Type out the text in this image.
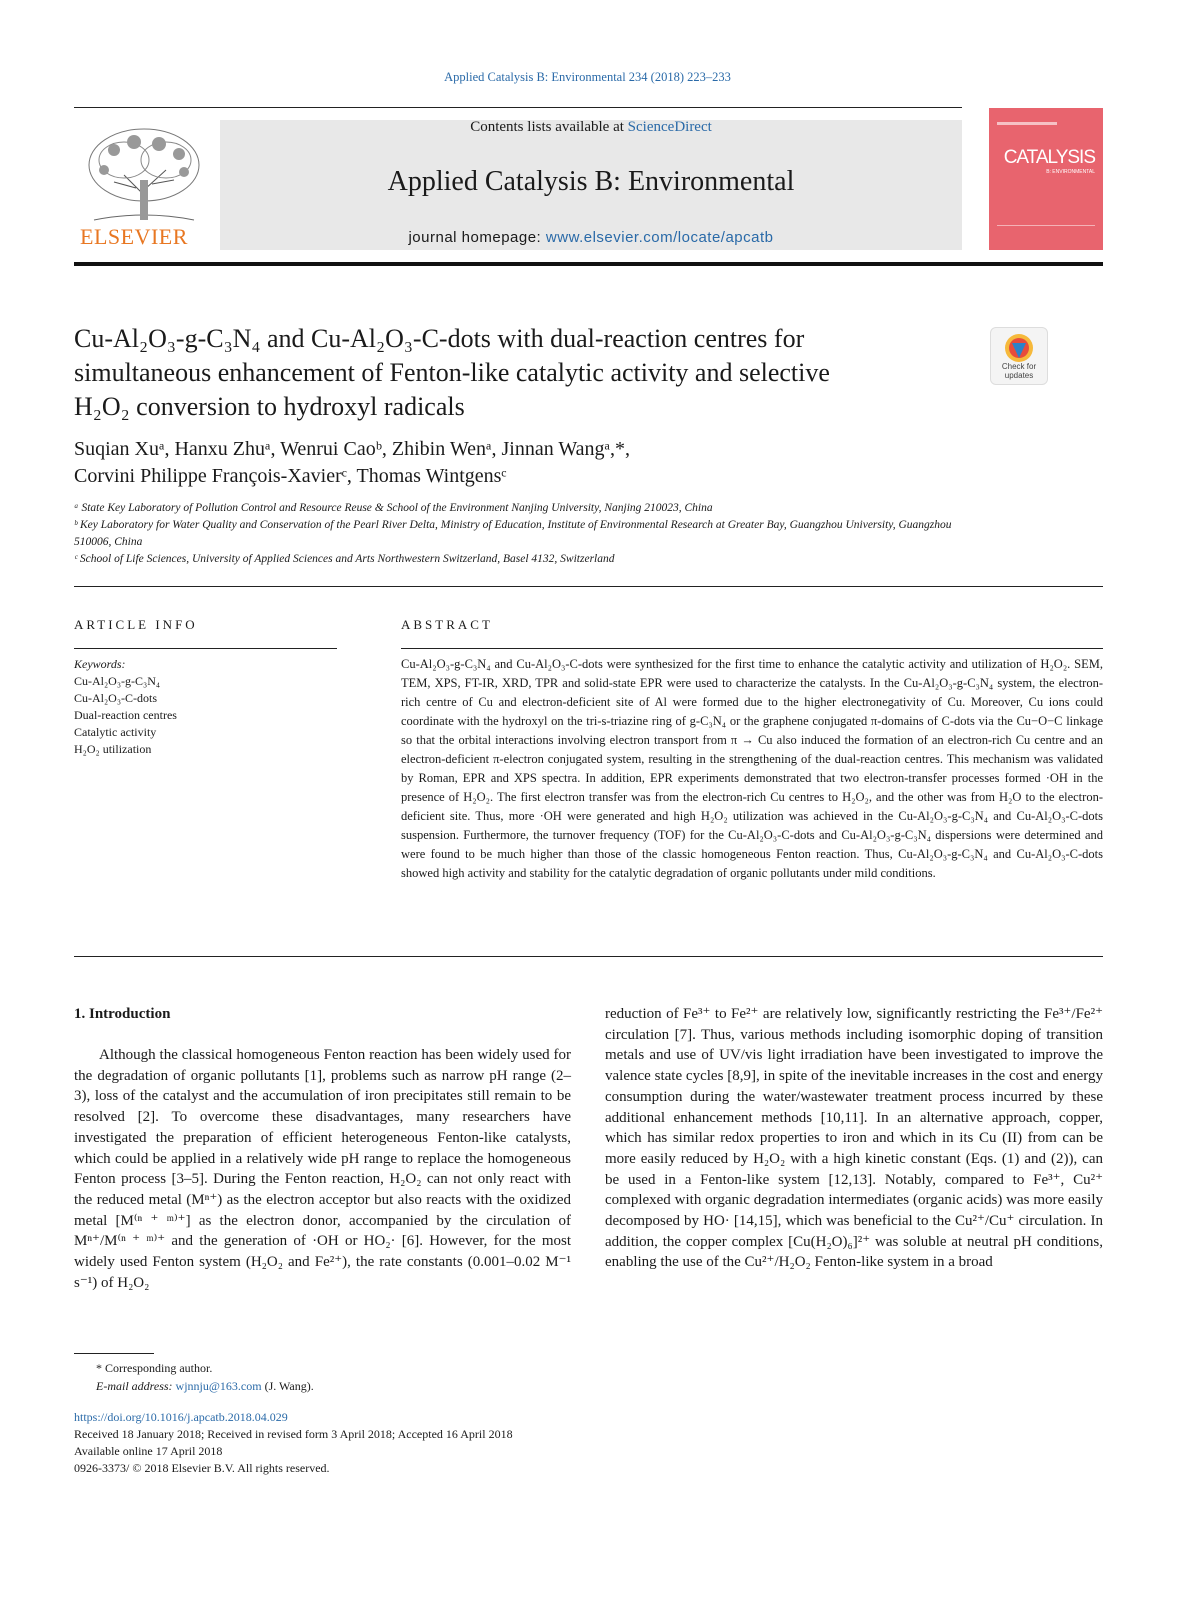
Applied Catalysis B: Environmental 234 (2018) 223–233
ELSEVIER
Contents lists available at ScienceDirect
Applied Catalysis B: Environmental
journal homepage: www.elsevier.com/locate/apcatb
CATALYSIS
B: ENVIRONMENTAL
Cu-Al₂O₃-g-C₃N₄ and Cu-Al₂O₃-C-dots with dual-reaction centres for
simultaneous enhancement of Fenton-like catalytic activity and selective
H₂O₂ conversion to hydroxyl radicals
Check for updates
Suqian Xuᵃ, Hanxu Zhuᵃ, Wenrui Caoᵇ, Zhibin Wenᵃ, Jinnan Wangᵃ,*,
Corvini Philippe François-Xavierᶜ, Thomas Wintgensᶜ
ᵃ State Key Laboratory of Pollution Control and Resource Reuse & School of the Environment Nanjing University, Nanjing 210023, China
ᵇ Key Laboratory for Water Quality and Conservation of the Pearl River Delta, Ministry of Education, Institute of Environmental Research at Greater Bay, Guangzhou University, Guangzhou 510006, China
ᶜ School of Life Sciences, University of Applied Sciences and Arts Northwestern Switzerland, Basel 4132, Switzerland
ARTICLE INFO	ABSTRACT
Keywords:
Cu-Al₂O₃-g-C₃N₄
Cu-Al₂O₃-C-dots
Dual-reaction centres
Catalytic activity
H₂O₂ utilization
Cu-Al₂O₃-g-C₃N₄ and Cu-Al₂O₃-C-dots were synthesized for the first time to enhance the catalytic activity and utilization of H₂O₂. SEM, TEM, XPS, FT-IR, XRD, TPR and solid-state EPR were used to characterize the catalysts. In the Cu-Al₂O₃-g-C₃N₄ system, the electron-rich centre of Cu and electron-deficient site of Al were formed due to the higher electronegativity of Cu. Moreover, Cu ions could coordinate with the hydroxyl on the tri-s-triazine ring of g-C₃N₄ or the graphene conjugated π-domains of C-dots via the Cu−O−C linkage so that the orbital interactions involving electron transport from π → Cu also induced the formation of an electron-rich Cu centre and an electron-deficient π-electron conjugated system, resulting in the strengthening of the dual-reaction centres. This mechanism was validated by Roman, EPR and XPS spectra. In addition, EPR experiments demonstrated that two electron-transfer processes formed ·OH in the presence of H₂O₂. The first electron transfer was from the electron-rich Cu centres to H₂O₂, and the other was from H₂O to the electron-deficient site. Thus, more ·OH were generated and high H₂O₂ utilization was achieved in the Cu-Al₂O₃-g-C₃N₄ and Cu-Al₂O₃-C-dots suspension. Furthermore, the turnover frequency (TOF) for the Cu-Al₂O₃-C-dots and Cu-Al₂O₃-g-C₃N₄ dispersions were determined and were found to be much higher than those of the classic homogeneous Fenton reaction. Thus, Cu-Al₂O₃-g-C₃N₄ and Cu-Al₂O₃-C-dots showed high activity and stability for the catalytic degradation of organic pollutants under mild conditions.
1. Introduction

Although the classical homogeneous Fenton reaction has been widely used for the degradation of organic pollutants [1], problems such as narrow pH range (2–3), loss of the catalyst and the accumulation of iron precipitates still remain to be resolved [2]. To overcome these disadvantages, many researchers have investigated the preparation of efficient heterogeneous Fenton-like catalysts, which could be applied in a relatively wide pH range to replace the homogeneous Fenton process [3–5]. During the Fenton reaction, H₂O₂ can not only react with the reduced metal (Mⁿ⁺) as the electron acceptor but also reacts with the oxidized metal [M⁽ⁿ ⁺ ᵐ⁾⁺] as the electron donor, accompanied by the circulation of Mⁿ⁺/M⁽ⁿ ⁺ ᵐ⁾⁺ and the generation of ·OH or HO₂· [6]. However, for the most widely used Fenton system (H₂O₂ and Fe²⁺), the rate constants (0.001–0.02 M⁻¹ s⁻¹) of H₂O₂

reduction of Fe³⁺ to Fe²⁺ are relatively low, significantly restricting the Fe³⁺/Fe²⁺ circulation [7]. Thus, various methods including isomorphic doping of transition metals and use of UV/vis light irradiation have been investigated to improve the valence state cycles [8,9], in spite of the inevitable increases in the cost and energy consumption during the water/wastewater treatment process incurred by these additional enhancement methods [10,11]. In an alternative approach, copper, which has similar redox properties to iron and which in its Cu (II) from can be more easily reduced by H₂O₂ with a high kinetic constant (Eqs. (1) and (2)), can be used in a Fenton-like system [12,13]. Notably, compared to Fe³⁺, Cu²⁺ complexed with organic degradation intermediates (organic acids) was more easily decomposed by HO· [14,15], which was beneficial to the Cu²⁺/Cu⁺ circulation. In addition, the copper complex [Cu(H₂O)₆]²⁺ was soluble at neutral pH conditions, enabling the use of the Cu²⁺/H₂O₂ Fenton-like system in a broad

* Corresponding author.
E-mail address: wjnnju@163.com (J. Wang).
https://doi.org/10.1016/j.apcatb.2018.04.029
Received 18 January 2018; Received in revised form 3 April 2018; Accepted 16 April 2018
Available online 17 April 2018
0926-3373/ © 2018 Elsevier B.V. All rights reserved.
